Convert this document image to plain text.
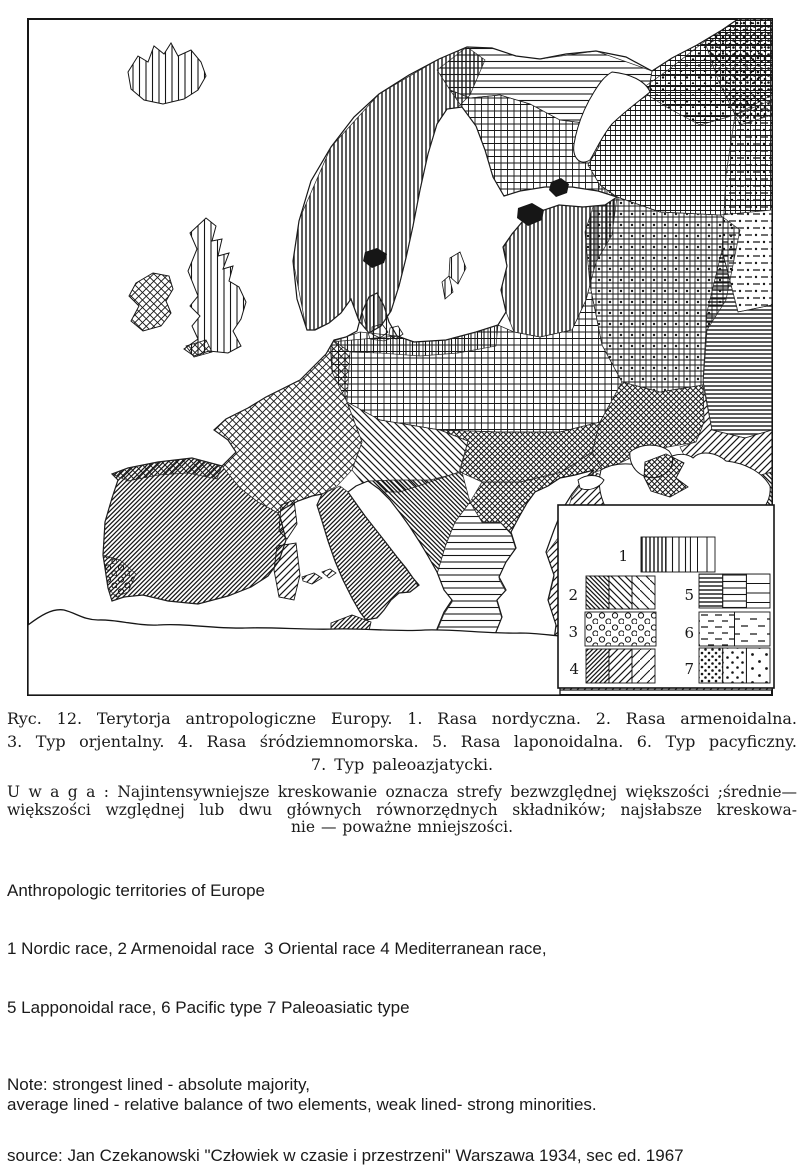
1
2	5
3	6
4	7
Ryc. 12. Terytorja antropologiczne Europy. 1. Rasa nordyczna. 2. Rasa armenoidalna.
3. Typ orjentalny. 4. Rasa śródziemnomorska. 5. Rasa laponoidalna. 6. Typ pacyficzny.
7. Typ paleoazjatycki.
U w a g a : Najintensywniejsze kreskowanie oznacza strefy bezwzględnej większości ;średnie—
większości względnej lub dwu głównych równorzędnych składników; najsłabsze kreskowa-
nie — poważne mniejszości.

Anthropologic territories of Europe

1 Nordic race, 2 Armenoidal race  3 Oriental race 4 Mediterranean race,

5 Lapponoidal race, 6 Pacific type 7 Paleoasiatic type

Note: strongest lined - absolute majority,
average lined - relative balance of two elements, weak lined- strong minorities.
source: Jan Czekanowski "Człowiek w czasie i przestrzeni" Warszawa 1934, sec ed. 1967
